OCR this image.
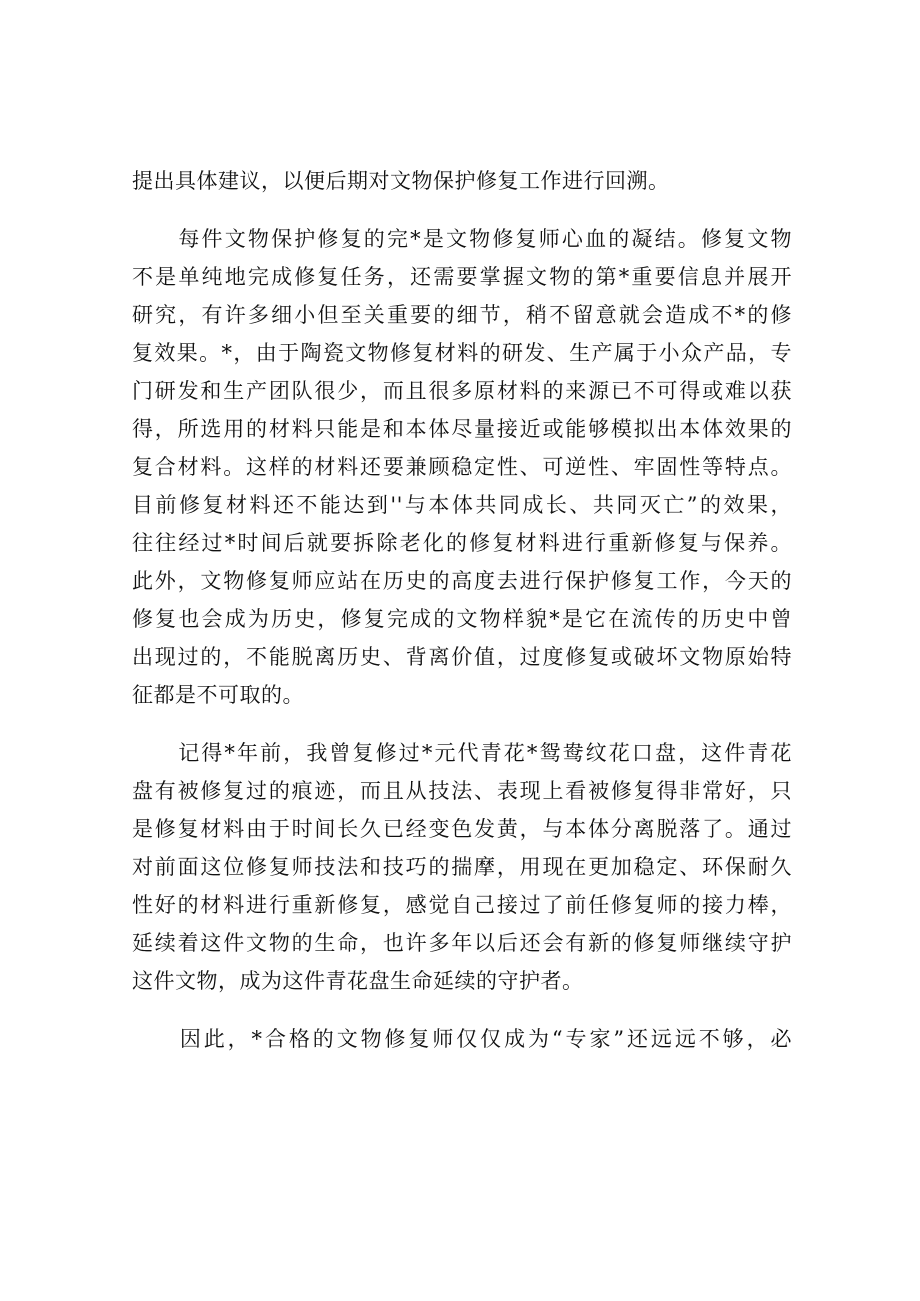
提出具体建议，以便后期对文物保护修复工作进行回溯。
　　每件文物保护修复的完*是文物修复师心血的凝结。修复文物
不是单纯地完成修复任务，还需要掌握文物的第*重要信息并展开
研究，有许多细小但至关重要的细节，稍不留意就会造成不*的修
复效果。*，由于陶瓷文物修复材料的研发、生产属于小众产品，专
门研发和生产团队很少，而且很多原材料的来源已不可得或难以获
得，所选用的材料只能是和本体尽量接近或能够模拟出本体效果的
复合材料。这样的材料还要兼顾稳定性、可逆性、牢固性等特点。
目前修复材料还不能达到''与本体共同成长、共同灭亡”的效果，
往往经过*时间后就要拆除老化的修复材料进行重新修复与保养。
此外，文物修复师应站在历史的高度去进行保护修复工作，今天的
修复也会成为历史，修复完成的文物样貌*是它在流传的历史中曾
出现过的，不能脱离历史、背离价值，过度修复或破坏文物原始特
征都是不可取的。
　　记得*年前，我曾复修过*元代青花*鸳鸯纹花口盘，这件青花
盘有被修复过的痕迹，而且从技法、表现上看被修复得非常好，只
是修复材料由于时间长久已经变色发黄，与本体分离脱落了。通过
对前面这位修复师技法和技巧的揣摩，用现在更加稳定、环保耐久
性好的材料进行重新修复，感觉自己接过了前任修复师的接力棒，
延续着这件文物的生命，也许多年以后还会有新的修复师继续守护
这件文物，成为这件青花盘生命延续的守护者。
　　因此，*合格的文物修复师仅仅成为“专家”还远远不够，必
